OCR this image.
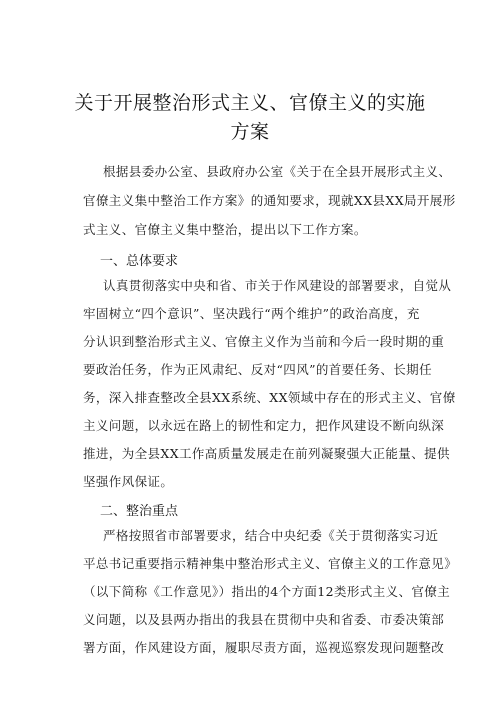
关于开展整治形式主义、官僚主义的实施
方案
根据县委办公室、县政府办公室《关于在全县开展形式主义、
官僚主义集中整治工作方案》的通知要求，现就XX县XX局开展形
式主义、官僚主义集中整治，提出以下工作方案。
一、总体要求
认真贯彻落实中央和省、市关于作风建设的部署要求，自觉从
牢固树立“四个意识”、坚决践行“两个维护”的政治高度，充
分认识到整治形式主义、官僚主义作为当前和今后一段时期的重
要政治任务，作为正风肃纪、反对“四风”的首要任务、长期任
务，深入排查整改全县XX系统、XX领域中存在的形式主义、官僚
主义问题，以永远在路上的韧性和定力，把作风建设不断向纵深
推进，为全县XX工作高质量发展走在前列凝聚强大正能量、提供
坚强作风保证。
二、整治重点
严格按照省市部署要求，结合中央纪委《关于贯彻落实习近
平总书记重要指示精神集中整治形式主义、官僚主义的工作意见》
（以下简称《工作意见》）指出的4个方面12类形式主义、官僚主
义问题，以及县两办指出的我县在贯彻中央和省委、市委决策部
署方面，作风建设方面，履职尽责方面，巡视巡察发现问题整改
